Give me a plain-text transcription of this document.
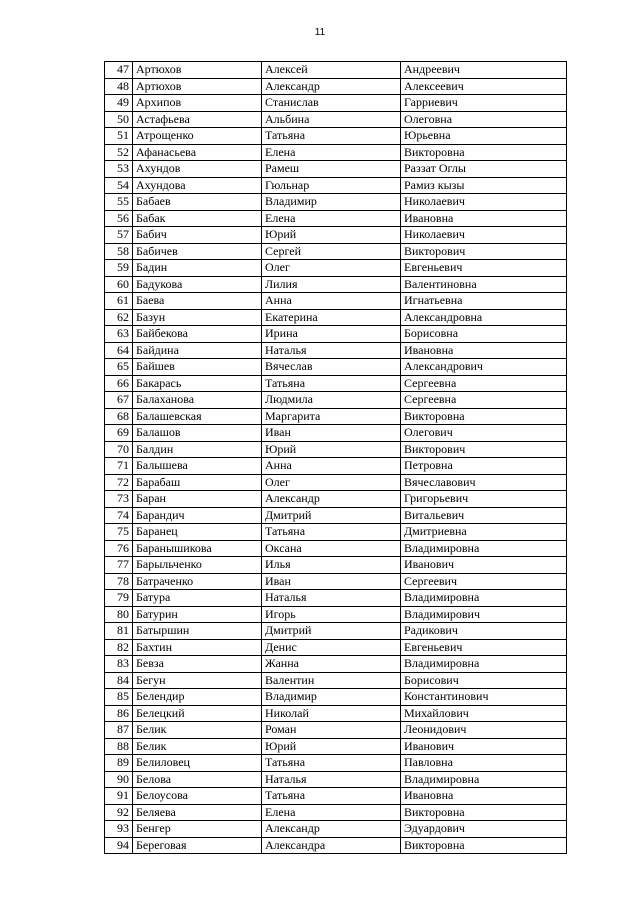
11
47	Артюхов	Алексей	Андреевич
48	Артюхов	Александр	Алексеевич
49	Архипов	Станислав	Гарриевич
50	Астафьева	Альбина	Олеговна
51	Атрощенко	Татьяна	Юрьевна
52	Афанасьева	Елена	Викторовна
53	Ахундов	Рамеш	Раззат Оглы
54	Ахундова	Гюльнар	Рамиз кызы
55	Бабаев	Владимир	Николаевич
56	Бабак	Елена	Ивановна
57	Бабич	Юрий	Николаевич
58	Бабичев	Сергей	Викторович
59	Бадин	Олег	Евгеньевич
60	Бадукова	Лилия	Валентиновна
61	Баева	Анна	Игнатьевна
62	Базун	Екатерина	Александровна
63	Байбекова	Ирина	Борисовна
64	Байдина	Наталья	Ивановна
65	Байшев	Вячеслав	Александрович
66	Бакарась	Татьяна	Сергеевна
67	Балаханова	Людмила	Сергеевна
68	Балашевская	Маргарита	Викторовна
69	Балашов	Иван	Олегович
70	Балдин	Юрий	Викторович
71	Балышева	Анна	Петровна
72	Барабаш	Олег	Вячеславович
73	Баран	Александр	Григорьевич
74	Барандич	Дмитрий	Витальевич
75	Баранец	Татьяна	Дмитриевна
76	Баранышикова	Оксана	Владимировна
77	Барыльченко	Илья	Иванович
78	Батраченко	Иван	Сергеевич
79	Батура	Наталья	Владимировна
80	Батурин	Игорь	Владимирович
81	Батыршин	Дмитрий	Радикович
82	Бахтин	Денис	Евгеньевич
83	Бевза	Жанна	Владимировна
84	Бегун	Валентин	Борисович
85	Белендир	Владимир	Константинович
86	Белецкий	Николай	Михайлович
87	Белик	Роман	Леонидович
88	Белик	Юрий	Иванович
89	Белиловец	Татьяна	Павловна
90	Белова	Наталья	Владимировна
91	Белоусова	Татьяна	Ивановна
92	Беляева	Елена	Викторовна
93	Бенгер	Александр	Эдуардович
94	Береговая	Александра	Викторовна
